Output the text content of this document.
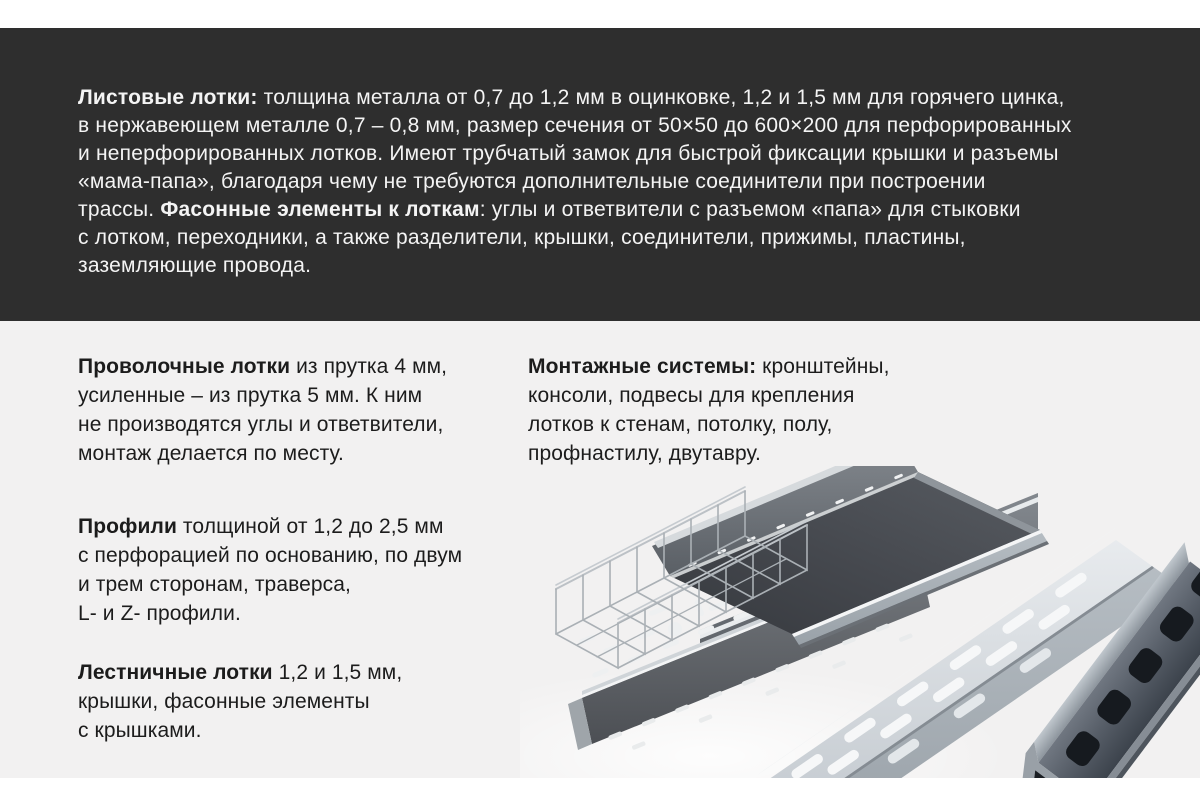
Листовые лотки: толщина металла от 0,7 до 1,2 мм в оцинковке, 1,2 и 1,5 мм для горячего цинка,
в нержавеющем металле 0,7 – 0,8 мм, размер сечения от 50×50 до 600×200 для перфорированных
и неперфорированных лотков. Имеют трубчатый замок для быстрой фиксации крышки и разъемы
«мама-папа», благодаря чему не требуются дополнительные соединители при построении
трассы. Фасонные элементы к лоткам: углы и ответвители с разъемом «папа» для стыковки
с лотком, переходники, а также разделители, крышки, соединители, прижимы, пластины,
заземляющие провода.
Проволочные лотки из прутка 4 мм,
усиленные – из прутка 5 мм. К ним
не производятся углы и ответвители,
монтаж делается по месту.
Профили толщиной от 1,2 до 2,5 мм
с перфорацией по основанию, по двум
и трем сторонам, траверса,
L- и Z- профили.
Лестничные лотки 1,2 и 1,5 мм,
крышки, фасонные элементы
с крышками.
Монтажные системы: кронштейны,
консоли, подвесы для крепления
лотков к стенам, потолку, полу,
профнастилу, двутавру.
